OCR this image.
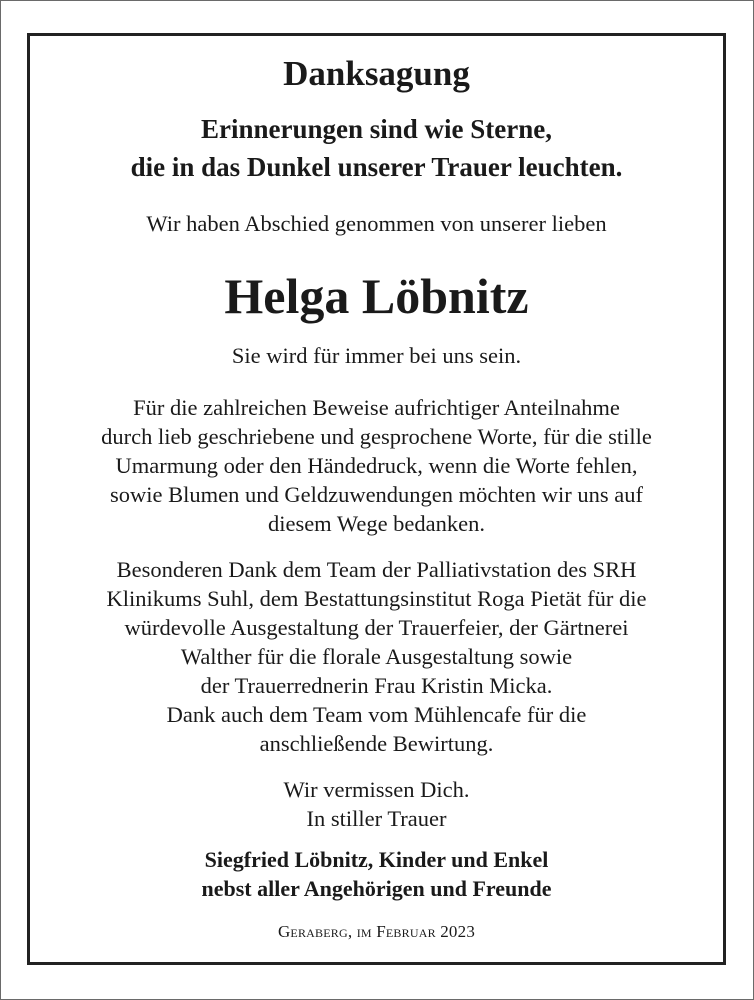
Danksagung

Erinnerungen sind wie Sterne,

die in das Dunkel unserer Trauer leuchten.

Wir haben Abschied genommen von unserer lieben

Helga Löbnitz

Sie wird für immer bei uns sein.

Für die zahlreichen Beweise aufrichtiger Anteilnahme

durch lieb geschriebene und gesprochene Worte, für die stille

Umarmung oder den Händedruck, wenn die Worte fehlen,

sowie Blumen und Geldzuwendungen möchten wir uns auf

diesem Wege bedanken.

Besonderen Dank dem Team der Palliativstation des SRH

Klinikums Suhl, dem Bestattungsinstitut Roga Pietät für die

würdevolle Ausgestaltung der Trauerfeier, der Gärtnerei

Walther für die florale Ausgestaltung sowie

der Trauerrednerin Frau Kristin Micka.

Dank auch dem Team vom Mühlencafe für die

anschließende Bewirtung.

Wir vermissen Dich.

In stiller Trauer

Siegfried Löbnitz, Kinder und Enkel

nebst aller Angehörigen und Freunde

Geraberg, im Februar 2023
